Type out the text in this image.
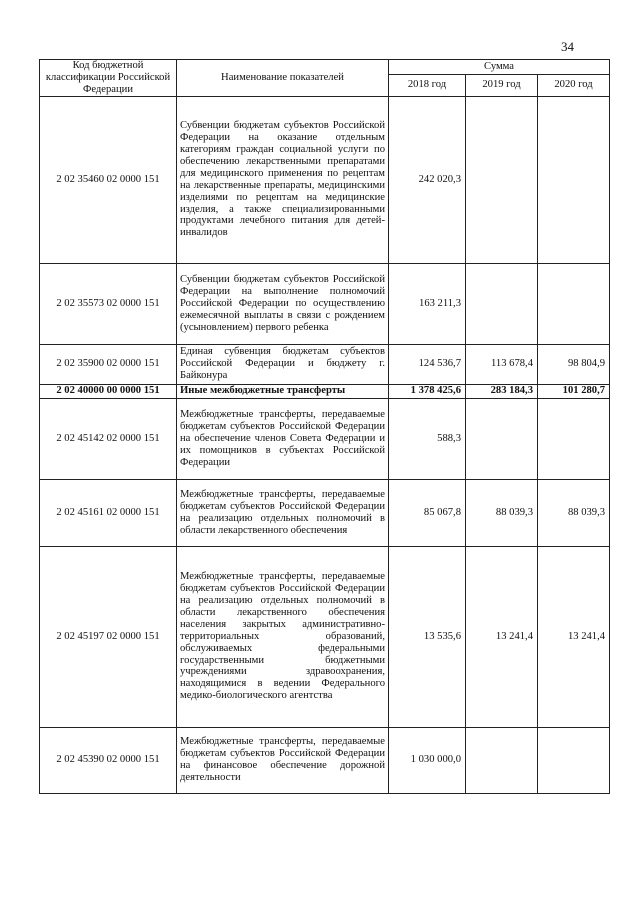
34
Код бюджетной классификации Российской Федерации	Наименование показателей	Сумма		
		2018 год	2019 год	2020 год
2 02 35460 02 0000 151	Субвенции бюджетам субъектов Российской Федерации на оказание отдельным категориям граждан социальной услуги по обеспечению лекарственными препаратами для медицинского применения по рецептам на лекарственные препараты, медицинскими изделиями по рецептам на медицинские изделия, а также специализированными продуктами лечебного питания для детей-инвалидов	242 020,3		
2 02 35573 02 0000 151	Субвенции бюджетам субъектов Российской Федерации на выполнение полномочий Российской Федерации по осуществлению ежемесячной выплаты в связи с рождением (усыновлением) первого ребенка	163 211,3		
2 02 35900 02 0000 151	Единая субвенция бюджетам субъектов Российской Федерации и бюджету г. Байконура	124 536,7	113 678,4	98 804,9
2 02 40000 00 0000 151	Иные межбюджетные трансферты	1 378 425,6	283 184,3	101 280,7
2 02 45142 02 0000 151	Межбюджетные трансферты, передаваемые бюджетам субъектов Российской Федерации на обеспечение членов Совета Федерации и их помощников в субъектах Российской Федерации	588,3		
2 02 45161 02 0000 151	Межбюджетные трансферты, передаваемые бюджетам субъектов Российской Федерации на реализацию отдельных полномочий в области лекарственного обеспечения	85 067,8	88 039,3	88 039,3
2 02 45197 02 0000 151	Межбюджетные трансферты, передаваемые бюджетам субъектов Российской Федерации на реализацию отдельных полномочий в области лекарственного обеспечения населения закрытых административно-территориальных образований, обслуживаемых федеральными государственными бюджетными учреждениями здравоохранения, находящимися в ведении Федерального медико-биологического агентства	13 535,6	13 241,4	13 241,4
2 02 45390 02 0000 151	Межбюджетные трансферты, передаваемые бюджетам субъектов Российской Федерации на финансовое обеспечение дорожной деятельности	1 030 000,0		
